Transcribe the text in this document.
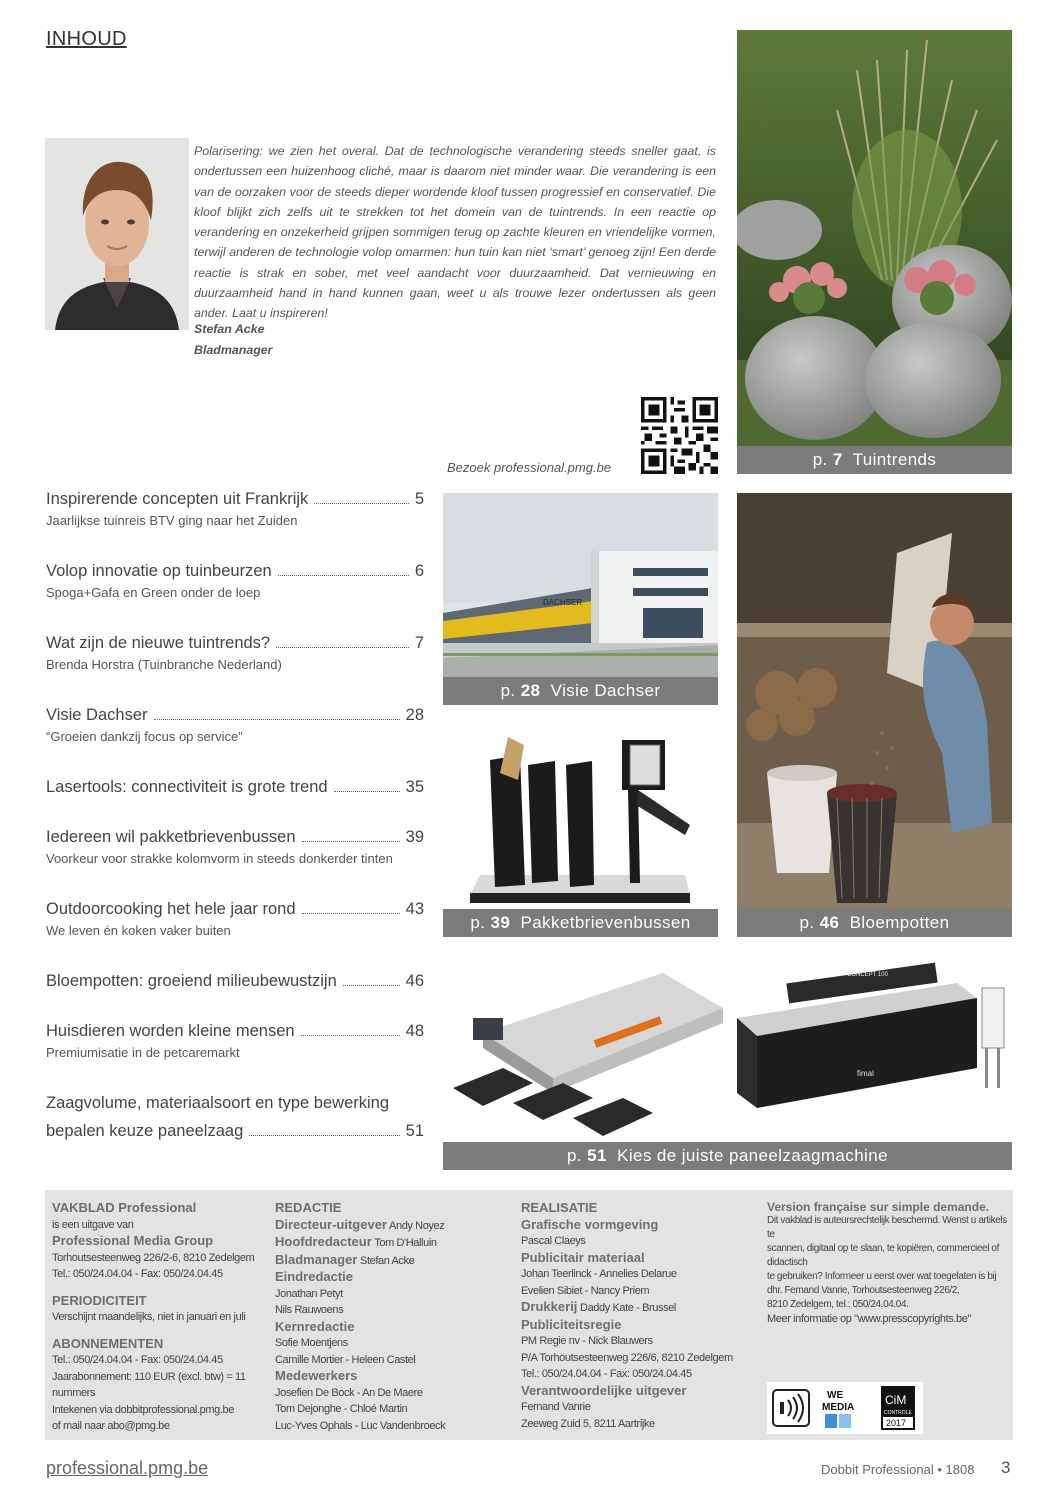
INHOUD
Polarisering: we zien het overal. Dat de technologische verandering steeds sneller gaat, is ondertussen een huizenhoog cliché, maar is daarom niet minder waar. Die verandering is een van de oorzaken voor de steeds dieper wordende kloof tussen progressief en conservatief. Die kloof blijkt zich zelfs uit te strekken tot het domein van de tuintrends. In een reactie op verandering en onzekerheid grijpen sommigen terug op zachte kleuren en vriendelijke vormen, terwijl anderen de technologie volop omarmen: hun tuin kan niet ‘smart’ genoeg zijn! Een derde reactie is strak en sober, met veel aandacht voor duurzaamheid. Dat vernieuwing en duurzaamheid hand in hand kunnen gaan, weet u als trouwe lezer ondertussen als geen ander. Laat u inspireren!
Stefan Acke
Bladmanager
Bezoek professional.pmg.be
Inspirerende concepten uit Frankrijk	5
Jaarlijkse tuinreis BTV ging naar het Zuiden
Volop innovatie op tuinbeurzen	6
Spoga+Gafa en Green onder de loep
Wat zijn de nieuwe tuintrends?	7
Brenda Horstra (Tuinbranche Nederland)
Visie Dachser	28
“Groeien dankzij focus op service”
Lasertools: connectiviteit is grote trend	35
Iedereen wil pakketbrievenbussen	39
Voorkeur voor strakke kolomvorm in steeds donkerder tinten
Outdoorcooking het hele jaar rond	43
We leven én koken vaker buiten
Bloempotten: groeiend milieubewustzijn	46
Huisdieren worden kleine mensen	48
Premiumisatie in de petcaremarkt
Zaagvolume, materiaalsoort en type bewerking
bepalen keuze paneelzaag	51
p. 7 Tuintrends
DACHSER
p. 28 Visie Dachser
p. 39 Pakketbrievenbussen	p. 46 Bloempotten
CONCEPT 100
fimal
p. 51 Kies de juiste paneelzaagmachine
VAKBLAD Professional
is een uitgave van
Professional Media Group
Torhoutsesteenweg 226/2-6, 8210 Zedelgem
Tel.: 050/24.04.04 - Fax: 050/24.04.45
PERIODICITEIT
Verschijnt maandelijks, niet in januari en juli
ABONNEMENTEN
Tel.: 050/24.04.04 - Fax: 050/24.04.45
Jaarabonnement: 110 EUR (excl. btw) = 11 nummers
Intekenen via dobbitprofessional.pmg.be
of mail naar abo@pmg.be
REDACTIE
Directeur-uitgever Andy Noyez
Hoofdredacteur Tom D'Halluin
Bladmanager Stefan Acke
Eindredactie
Jonathan Petyt
Nils Rauwoens
Kernredactie
Sofie Moentjens
Camille Mortier - Heleen Castel
Medewerkers
Josefien De Bock - An De Maere
Tom Dejonghe - Chloé Martin
Luc-Yves Ophals - Luc Vandenbroeck
REALISATIE
Grafische vormgeving
Pascal Claeys
Publicitair materiaal
Johan Teerlinck - Annelies Delarue
Evelien Sibiet - Nancy Priem
Drukkerij Daddy Kate - Brussel
Publiciteitsregie
PM Regie nv - Nick Blauwers
P/A Torhoutsesteenweg 226/6, 8210 Zedelgem
Tel.: 050/24.04.04 - Fax: 050/24.04.45
Verantwoordelijke uitgever
Fernand Vanrie
Zeeweg Zuid 5, 8211 Aartrijke
Version française sur simple demande.
Dit vakblad is auteursrechtelijk beschermd. Wenst u artikels te
scannen, digitaal op te slaan, te kopiëren, commercieel of didactisch
te gebruiken? Informeer u eerst over wat toegelaten is bij
dhr. Fernand Vanrie, Torhoutsesteenweg 226/2,
8210 Zedelgem, tel.: 050/24.04.04.
Meer informatie op "www.presscopyrights.be"
WE
MEDIA
CiM
CONTROLE
2017
professional.pmg.be	Dobbit Professional • 1808 3
